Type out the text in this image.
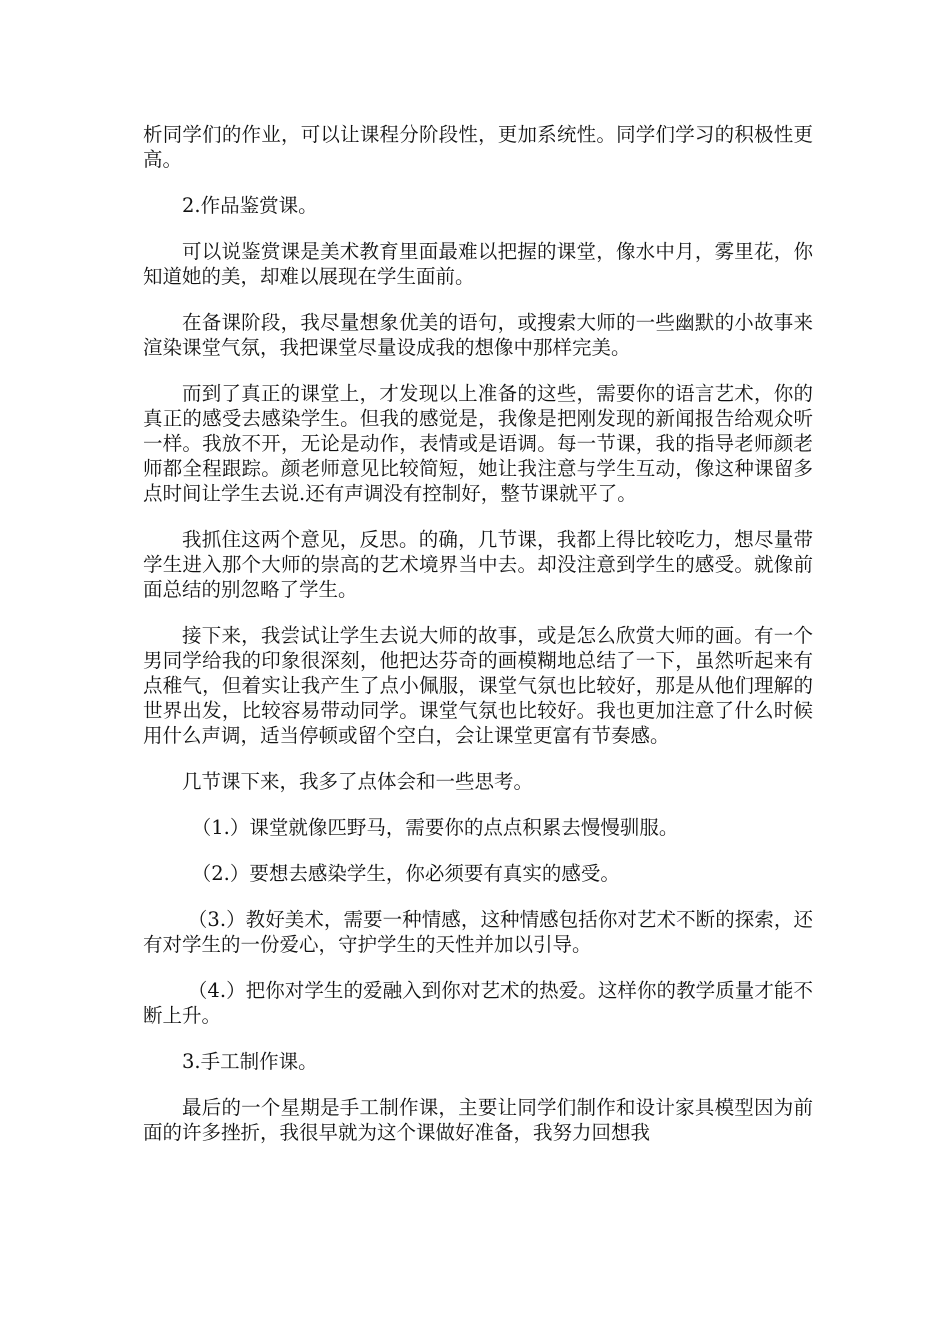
析同学们的作业，可以让课程分阶段性，更加系统性。同学们学习的积极性更高。

2.作品鉴赏课。

可以说鉴赏课是美术教育里面最难以把握的课堂，像水中月，雾里花，你知道她的美，却难以展现在学生面前。

在备课阶段，我尽量想象优美的语句，或搜索大师的一些幽默的小故事来渲染课堂气氛，我把课堂尽量设成我的想像中那样完美。

而到了真正的课堂上，才发现以上准备的这些，需要你的语言艺术，你的真正的感受去感染学生。但我的感觉是，我像是把刚发现的新闻报告给观众听一样。我放不开，无论是动作，表情或是语调。每一节课，我的指导老师颜老师都全程跟踪。颜老师意见比较简短，她让我注意与学生互动，像这种课留多点时间让学生去说.还有声调没有控制好，整节课就平了。

我抓住这两个意见，反思。的确，几节课，我都上得比较吃力，想尽量带学生进入那个大师的崇高的艺术境界当中去。却没注意到学生的感受。就像前面总结的别忽略了学生。

接下来，我尝试让学生去说大师的故事，或是怎么欣赏大师的画。有一个男同学给我的印象很深刻，他把达芬奇的画模糊地总结了一下，虽然听起来有点稚气，但着实让我产生了点小佩服，课堂气氛也比较好，那是从他们理解的世界出发，比较容易带动同学。课堂气氛也比较好。我也更加注意了什么时候用什么声调，适当停顿或留个空白，会让课堂更富有节奏感。

几节课下来，我多了点体会和一些思考。

（1.）课堂就像匹野马，需要你的点点积累去慢慢驯服。

（2.）要想去感染学生，你必须要有真实的感受。

（3.）教好美术，需要一种情感，这种情感包括你对艺术不断的探索，还有对学生的一份爱心，守护学生的天性并加以引导。

（4.）把你对学生的爱融入到你对艺术的热爱。这样你的教学质量才能不断上升。

3.手工制作课。

最后的一个星期是手工制作课，主要让同学们制作和设计家具模型因为前面的许多挫折，我很早就为这个课做好准备，我努力回想我
